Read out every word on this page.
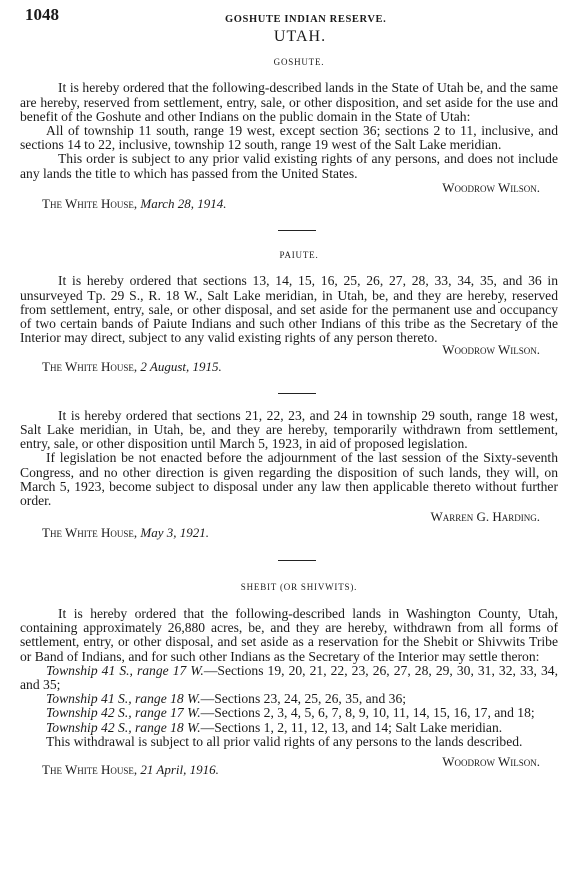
1048	GOSHUTE INDIAN RESERVE.
UTAH.
GOSHUTE.

It is hereby ordered that the following-described lands in the State of Utah be, and the same are hereby, reserved from settlement, entry, sale, or other disposition, and set aside for the use and benefit of the Goshute and other Indians on the public domain in the State of Utah:

All of township 11 south, range 19 west, except section 36; sections 2 to 11, inclusive, and sections 14 to 22, inclusive, township 12 south, range 19 west of the Salt Lake meridian.

This order is subject to any prior valid existing rights of any persons, and does not include any lands the title to which has passed from the United States.

Woodrow Wilson.
The White House, March 28, 1914.
PAIUTE.

It is hereby ordered that sections 13, 14, 15, 16, 25, 26, 27, 28, 33, 34, 35, and 36 in unsurveyed Tp. 29 S., R. 18 W., Salt Lake meridian, in Utah, be, and they are hereby, reserved from settlement, entry, sale, or other disposal, and set aside for the permanent use and occupancy of two certain bands of Paiute Indians and such other Indians of this tribe as the Secretary of the Interior may direct, subject to any valid existing rights of any person thereto.

Woodrow Wilson.
The White House, 2 August, 1915.

It is hereby ordered that sections 21, 22, 23, and 24 in township 29 south, range 18 west, Salt Lake meridian, in Utah, be, and they are hereby, temporarily withdrawn from settlement, entry, sale, or other disposition until March 5, 1923, in aid of proposed legislation.

If legislation be not enacted before the adjournment of the last session of the Sixty-seventh Congress, and no other direction is given regarding the disposition of such lands, they will, on March 5, 1923, become subject to disposal under any law then applicable thereto without further order.

Warren G. Harding.
The White House, May 3, 1921.
SHEBIT (OR SHIVWITS).

It is hereby ordered that the following-described lands in Washington County, Utah, containing approximately 26,880 acres, be, and they are hereby, withdrawn from all forms of settlement, entry, or other disposal, and set aside as a reservation for the Shebit or Shivwits Tribe or Band of Indians, and for such other Indians as the Secretary of the Interior may settle theron:

Township 41 S., range 17 W.—Sections 19, 20, 21, 22, 23, 26, 27, 28, 29, 30, 31, 32, 33, 34, and 35;

Township 41 S., range 18 W.—Sections 23, 24, 25, 26, 35, and 36;

Township 42 S., range 17 W.—Sections 2, 3, 4, 5, 6, 7, 8, 9, 10, 11, 14, 15, 16, 17, and 18;

Township 42 S., range 18 W.—Sections 1, 2, 11, 12, 13, and 14; Salt Lake meridian.

This withdrawal is subject to all prior valid rights of any persons to the lands described.

The White House, 21 April, 1916.
Woodrow Wilson.
